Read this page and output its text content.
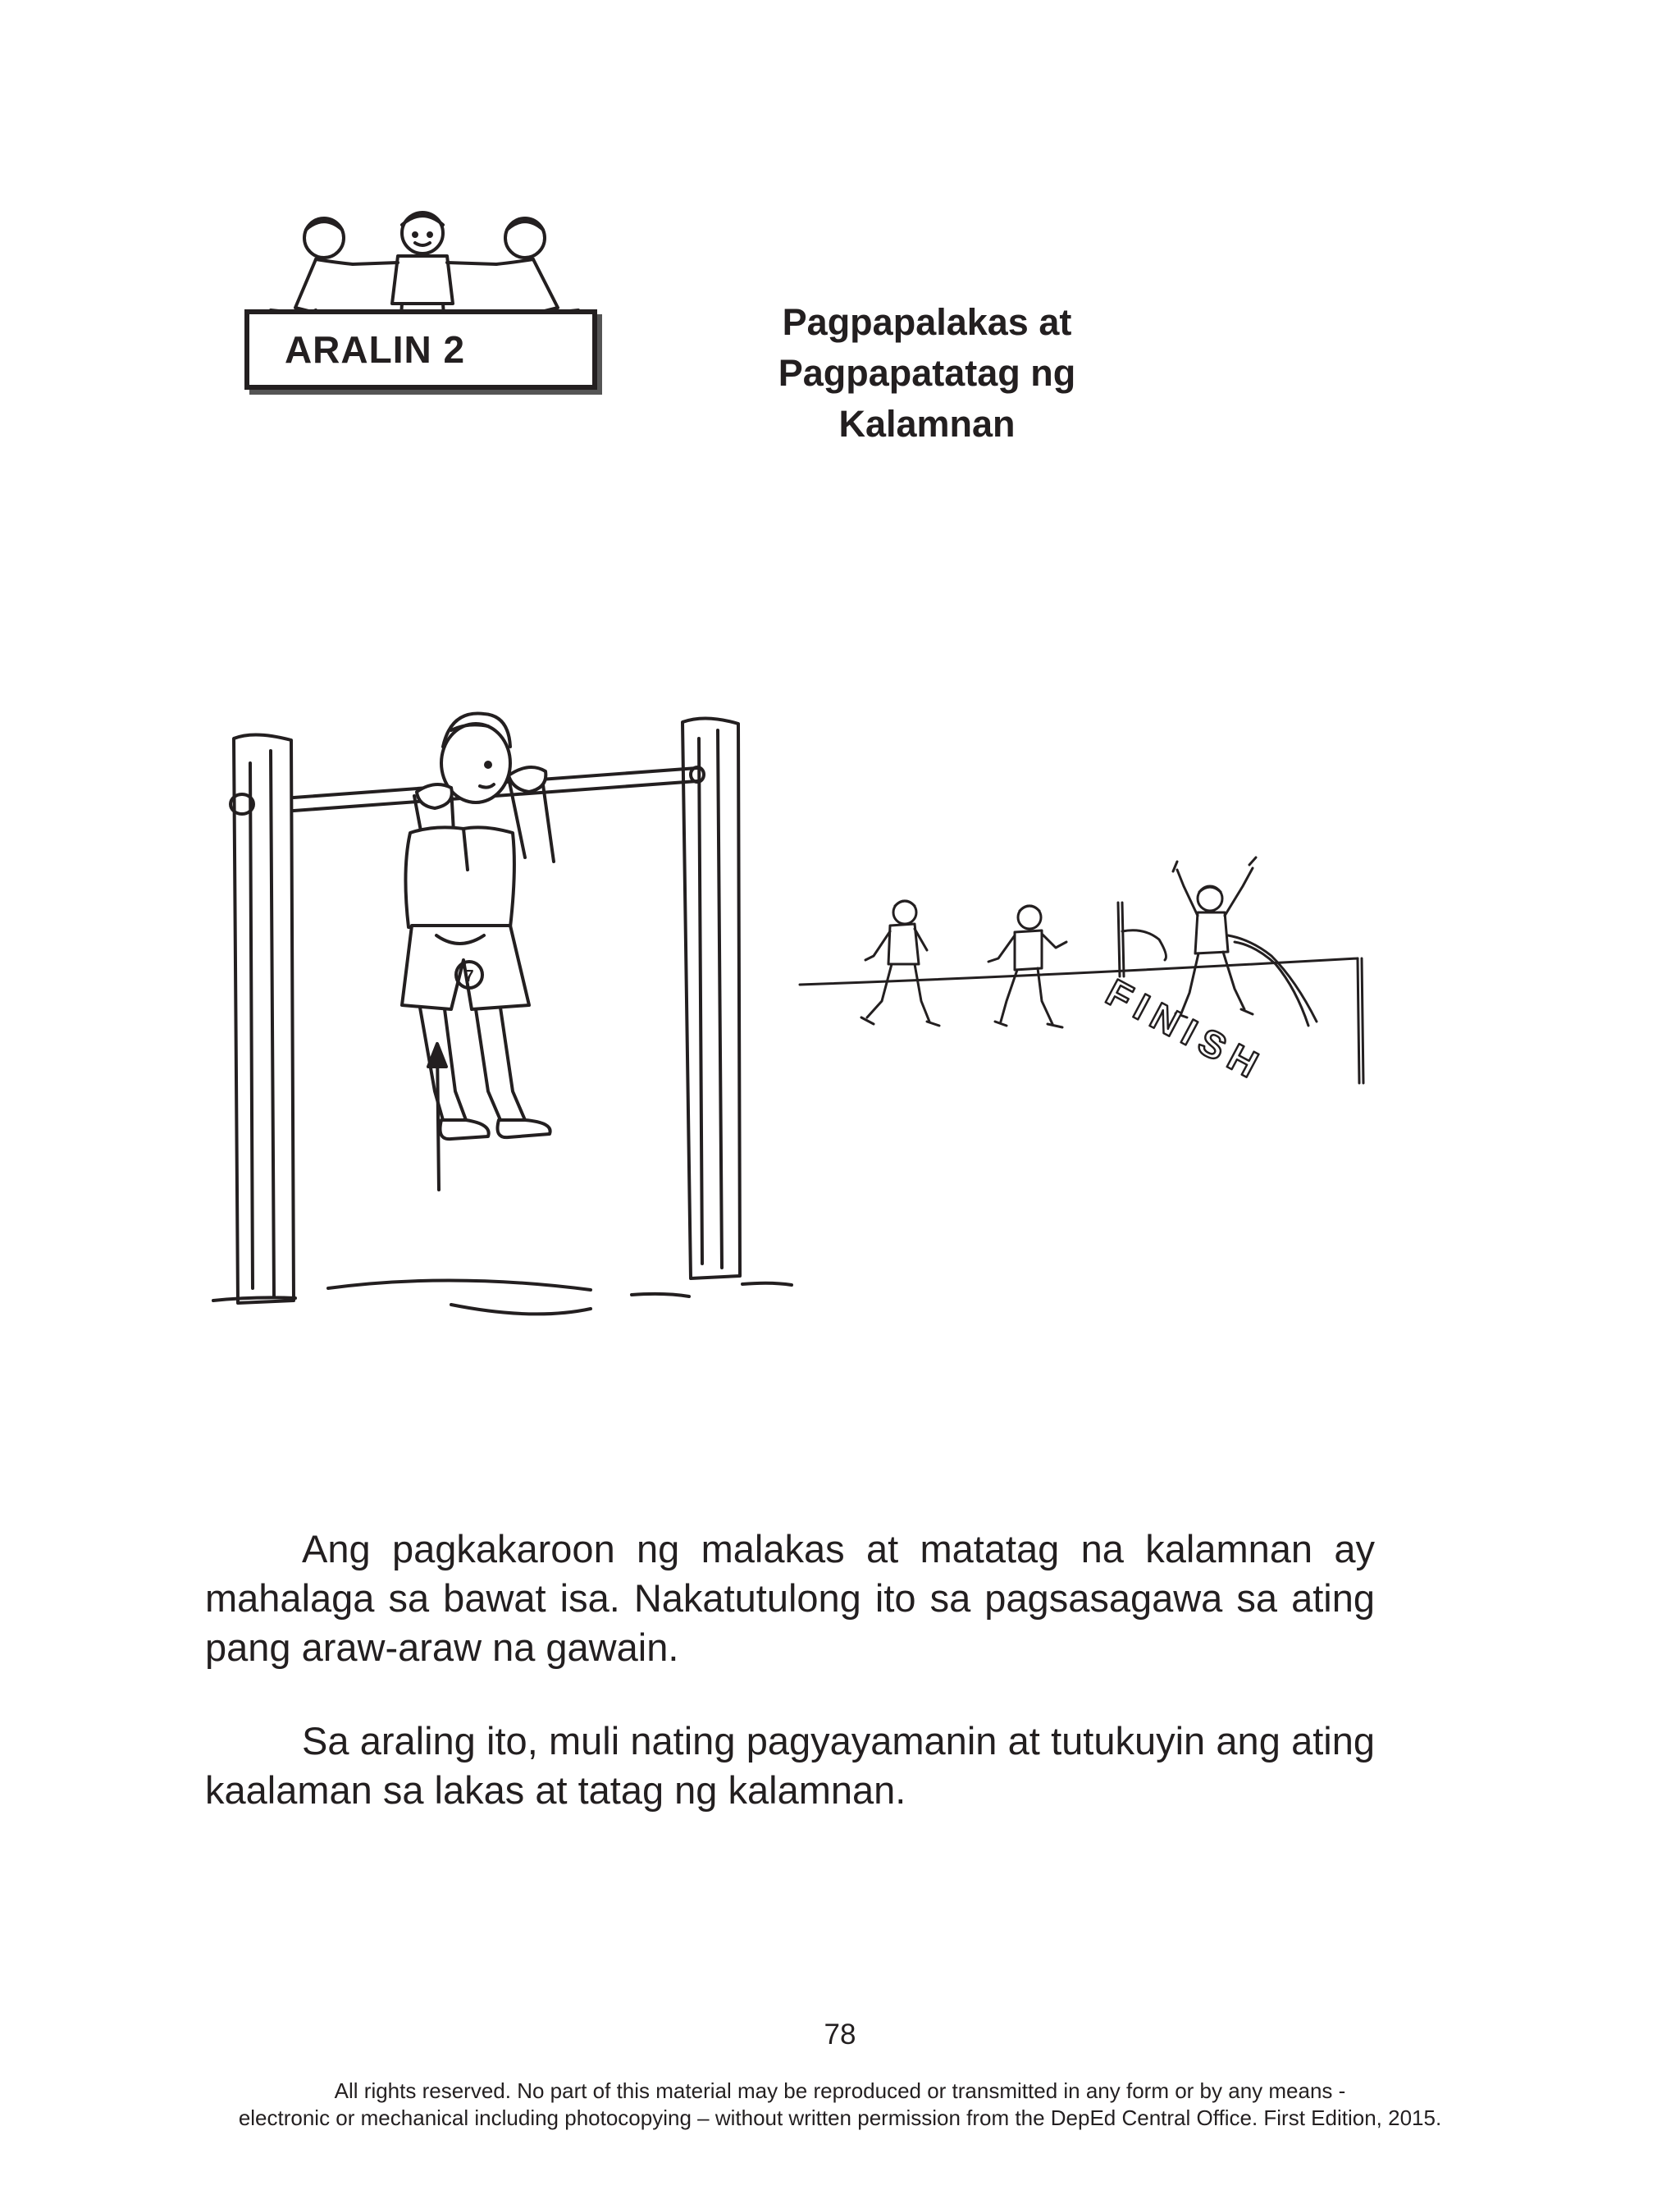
ARALIN 2
Pagpapalakas at Pagpapatatag ng
Kalamnan
7	FINISH
Ang pagkakaroon ng malakas at matatag na kalamnan ay mahalaga sa bawat isa. Nakatutulong ito sa pagsasagawa sa ating pang araw-araw na gawain.
Sa araling ito, muli nating pagyayamanin at tutukuyin ang ating kaalaman sa lakas at tatag ng kalamnan.
78
All rights reserved. No part of this material may be reproduced or transmitted in any form or by any means -
electronic or mechanical including photocopying – without written permission from the DepEd Central Office. First Edition, 2015.
